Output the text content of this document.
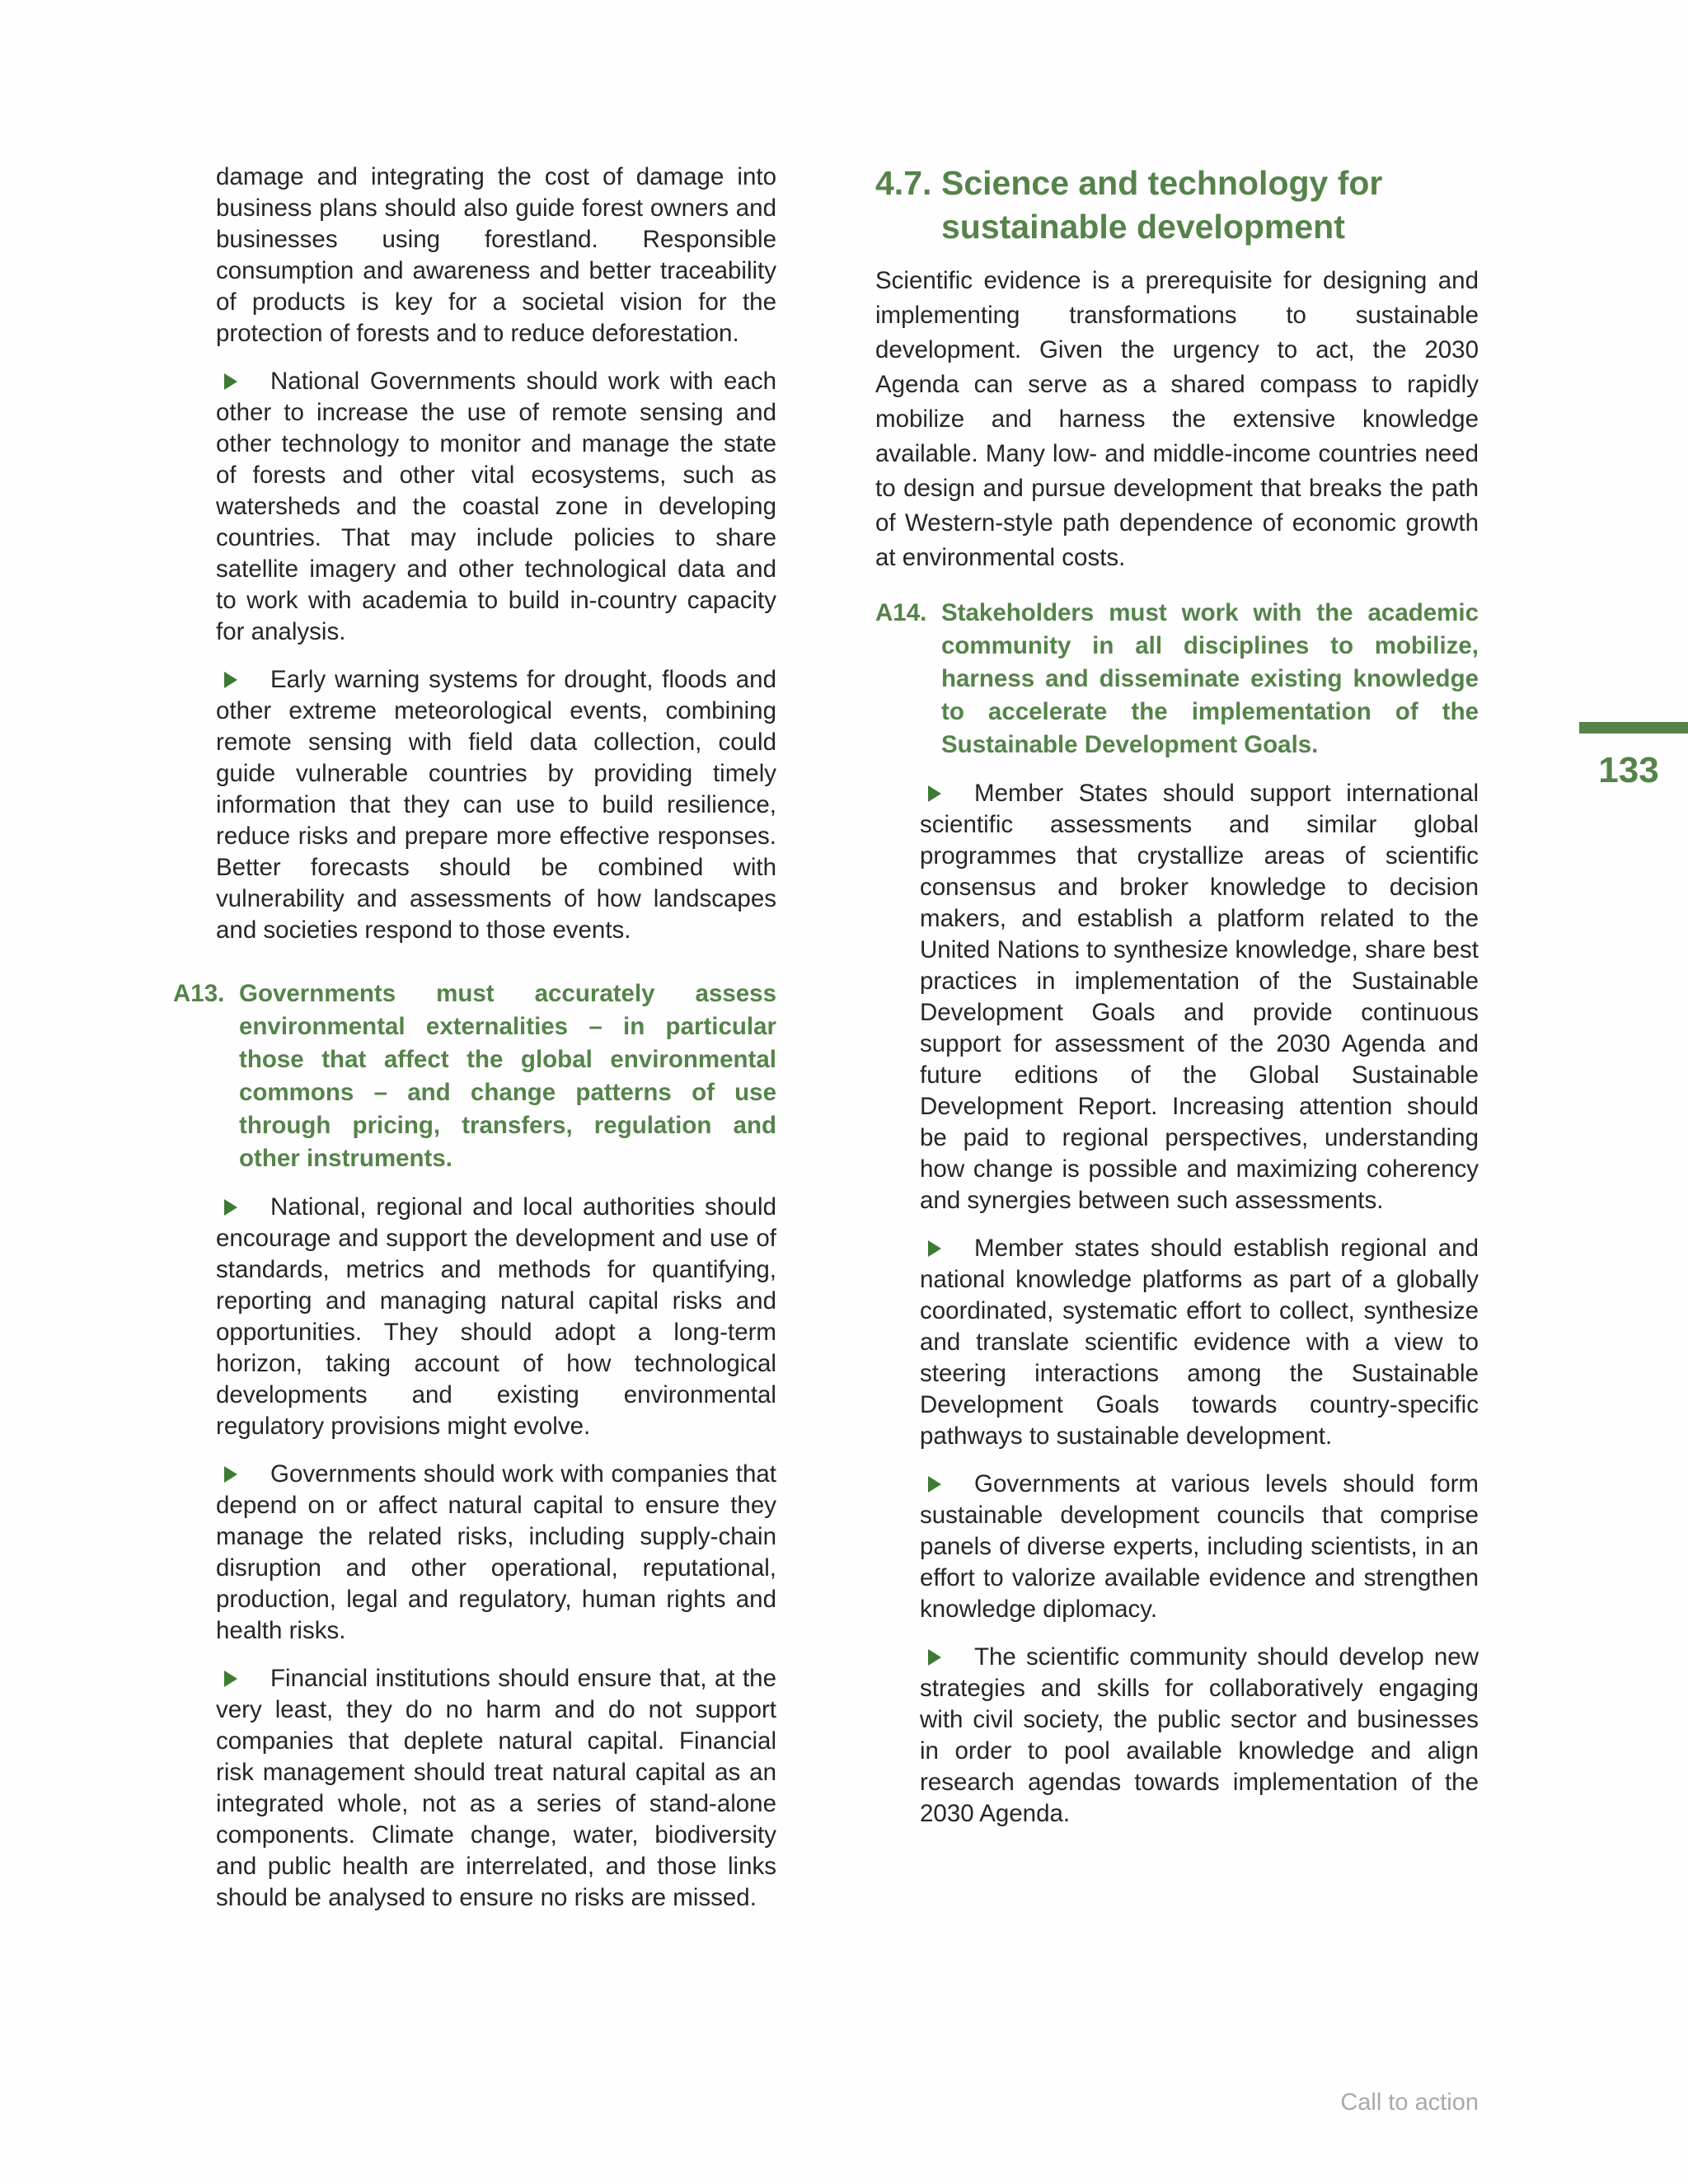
damage and integrating the cost of damage into business plans should also guide forest owners and businesses using forestland. Responsible consumption and awareness and better traceability of products is key for a societal vision for the protection of forests and to reduce deforestation.

National Governments should work with each other to increase the use of remote sensing and other technology to monitor and manage the state of forests and other vital ecosystems, such as watersheds and the coastal zone in developing countries. That may include policies to share satellite imagery and other technological data and to work with academia to build in-country capacity for analysis.
Early warning systems for drought, floods and other extreme meteorological events, combining remote sensing with field data collection, could guide vulnerable countries by providing timely information that they can use to build resilience, reduce risks and prepare more effective responses. Better forecasts should be combined with vulnerability and assessments of how landscapes and societies respond to those events.
A13. Governments must accurately assess environmental externalities – in particular those that affect the global environmental commons – and change patterns of use through pricing, transfers, regulation and other instruments.
National, regional and local authorities should encourage and support the development and use of standards, metrics and methods for quantifying, reporting and managing natural capital risks and opportunities. They should adopt a long-term horizon, taking account of how technological developments and existing environmental regulatory provisions might evolve.
Governments should work with companies that depend on or affect natural capital to ensure they manage the related risks, including supply-chain disruption and other operational, reputational, production, legal and regulatory, human rights and health risks.
Financial institutions should ensure that, at the very least, they do no harm and do not support companies that deplete natural capital. Financial risk management should treat natural capital as an integrated whole, not as a series of stand-alone components. Climate change, water, biodiversity and public health are interrelated, and those links should be analysed to ensure no risks are missed.
4.7. Science and technology for sustainable development

Scientific evidence is a prerequisite for designing and implementing transformations to sustainable development. Given the urgency to act, the 2030 Agenda can serve as a shared compass to rapidly mobilize and harness the extensive knowledge available. Many low- and middle-income countries need to design and pursue development that breaks the path of Western-style path dependence of economic growth at environmental costs.

A14. Stakeholders must work with the academic community in all disciplines to mobilize, harness and disseminate existing knowledge to accelerate the implementation of the Sustainable Development Goals.
Member States should support international scientific assessments and similar global programmes that crystallize areas of scientific consensus and broker knowledge to decision makers, and establish a platform related to the United Nations to synthesize knowledge, share best practices in implementation of the Sustainable Development Goals and provide continuous support for assessment of the 2030 Agenda and future editions of the Global Sustainable Development Report. Increasing attention should be paid to regional perspectives, understanding how change is possible and maximizing coherency and synergies between such assessments.
Member states should establish regional and national knowledge platforms as part of a globally coordinated, systematic effort to collect, synthesize and translate scientific evidence with a view to steering interactions among the Sustainable Development Goals towards country-specific pathways to sustainable development.
Governments at various levels should form sustainable development councils that comprise panels of diverse experts, including scientists, in an effort to valorize available evidence and strengthen knowledge diplomacy.
The scientific community should develop new strategies and skills for collaboratively engaging with civil society, the public sector and businesses in order to pool available knowledge and align research agendas towards implementation of the 2030 Agenda.
133
Call to action
